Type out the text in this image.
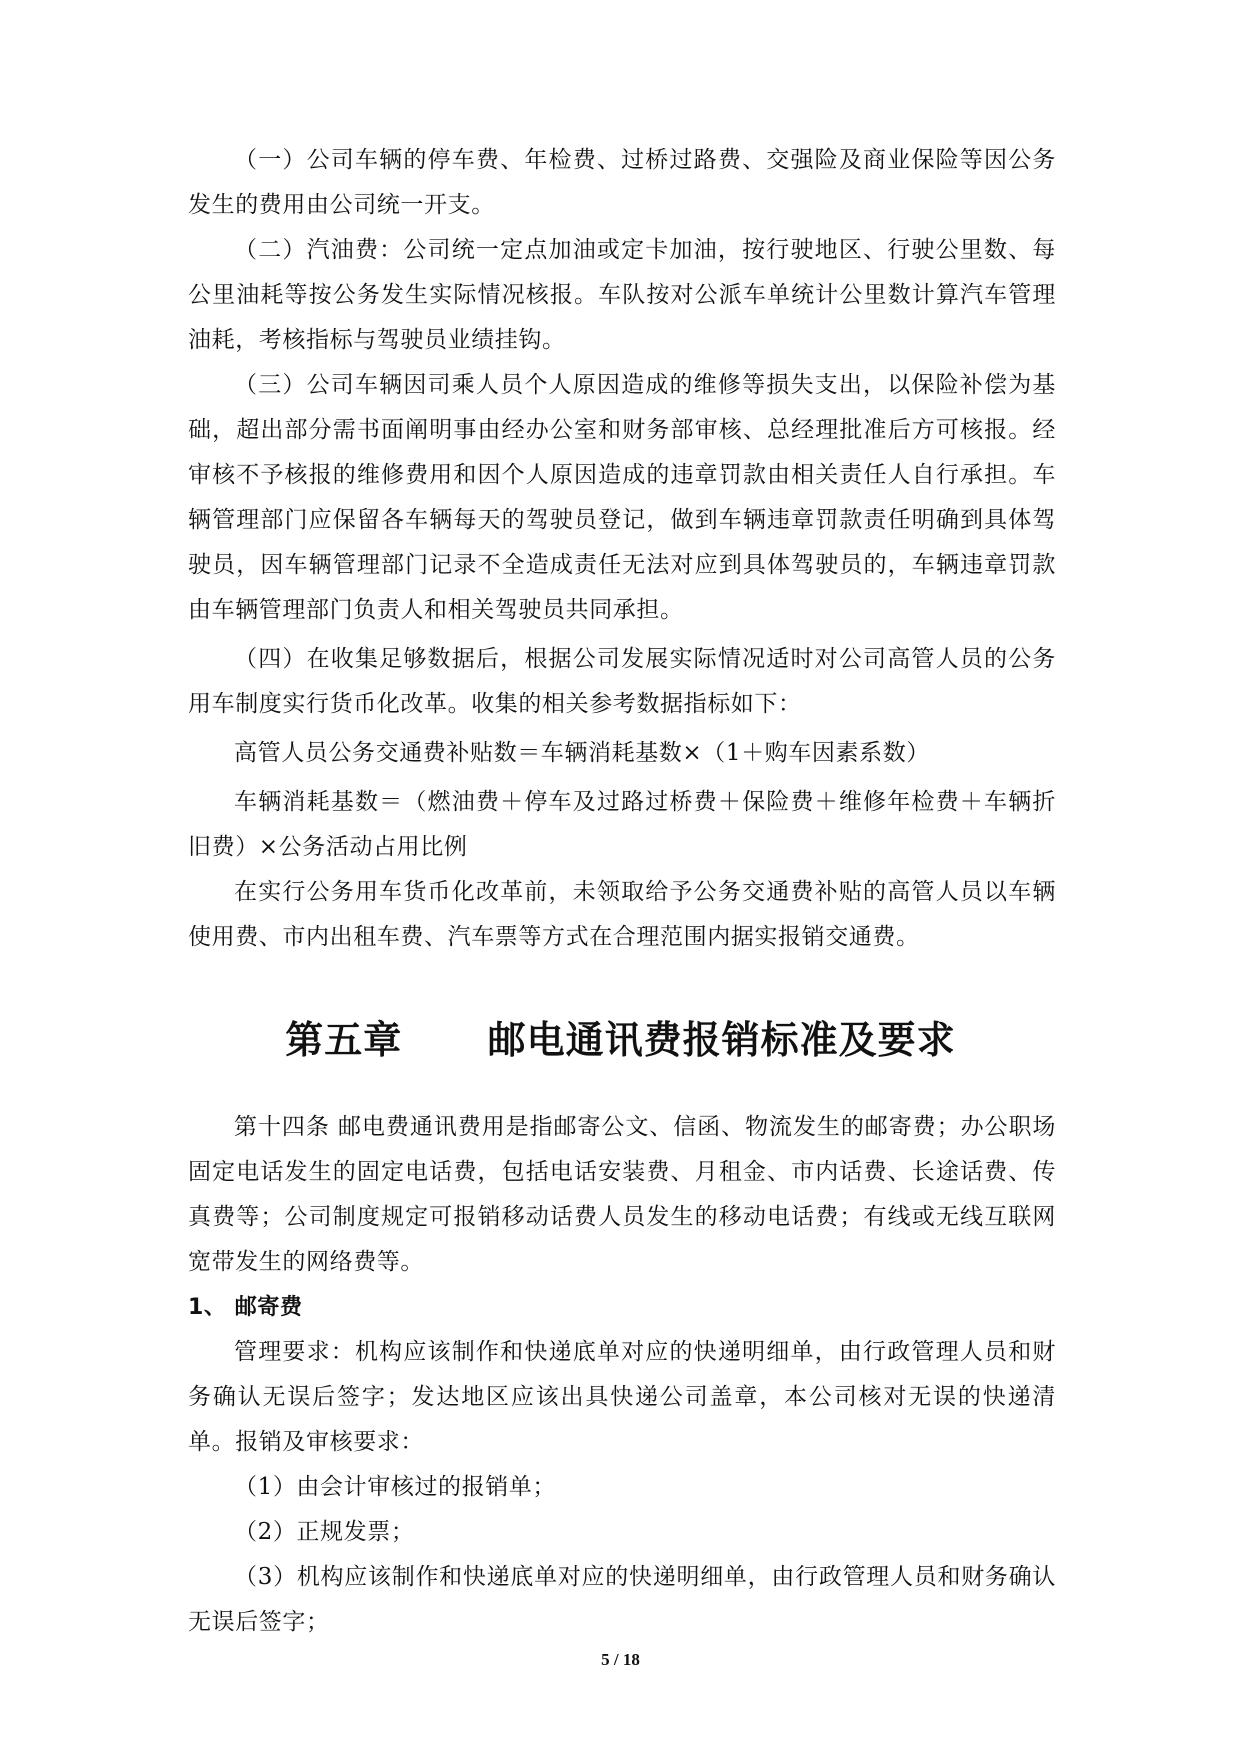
（一）公司车辆的停车费、年检费、过桥过路费、交强险及商业保险等因公务发生的费用由公司统一开支。

（二）汽油费：公司统一定点加油或定卡加油，按行驶地区、行驶公里数、每公里油耗等按公务发生实际情况核报。车队按对公派车单统计公里数计算汽车管理油耗，考核指标与驾驶员业绩挂钩。

（三）公司车辆因司乘人员个人原因造成的维修等损失支出，以保险补偿为基础，超出部分需书面阐明事由经办公室和财务部审核、总经理批准后方可核报。经审核不予核报的维修费用和因个人原因造成的违章罚款由相关责任人自行承担。车辆管理部门应保留各车辆每天的驾驶员登记，做到车辆违章罚款责任明确到具体驾驶员，因车辆管理部门记录不全造成责任无法对应到具体驾驶员的，车辆违章罚款由车辆管理部门负责人和相关驾驶员共同承担。

（四）在收集足够数据后，根据公司发展实际情况适时对公司高管人员的公务用车制度实行货币化改革。收集的相关参考数据指标如下：

高管人员公务交通费补贴数＝车辆消耗基数×（1＋购车因素系数）

车辆消耗基数＝（燃油费＋停车及过路过桥费＋保险费＋维修年检费＋车辆折旧费）×公务活动占用比例

在实行公务用车货币化改革前，未领取给予公务交通费补贴的高管人员以车辆使用费、市内出租车费、汽车票等方式在合理范围内据实报销交通费。

第五章      邮电通讯费报销标准及要求

第十四条 邮电费通讯费用是指邮寄公文、信函、物流发生的邮寄费；办公职场固定电话发生的固定电话费，包括电话安装费、月租金、市内话费、长途话费、传真费等；公司制度规定可报销移动话费人员发生的移动电话费；有线或无线互联网宽带发生的网络费等。

1、 邮寄费

管理要求：机构应该制作和快递底单对应的快递明细单，由行政管理人员和财务确认无误后签字；发达地区应该出具快递公司盖章，本公司核对无误的快递清单。报销及审核要求：

（1）由会计审核过的报销单；

（2）正规发票；

（3）机构应该制作和快递底单对应的快递明细单，由行政管理人员和财务确认无误后签字；

5 / 18
